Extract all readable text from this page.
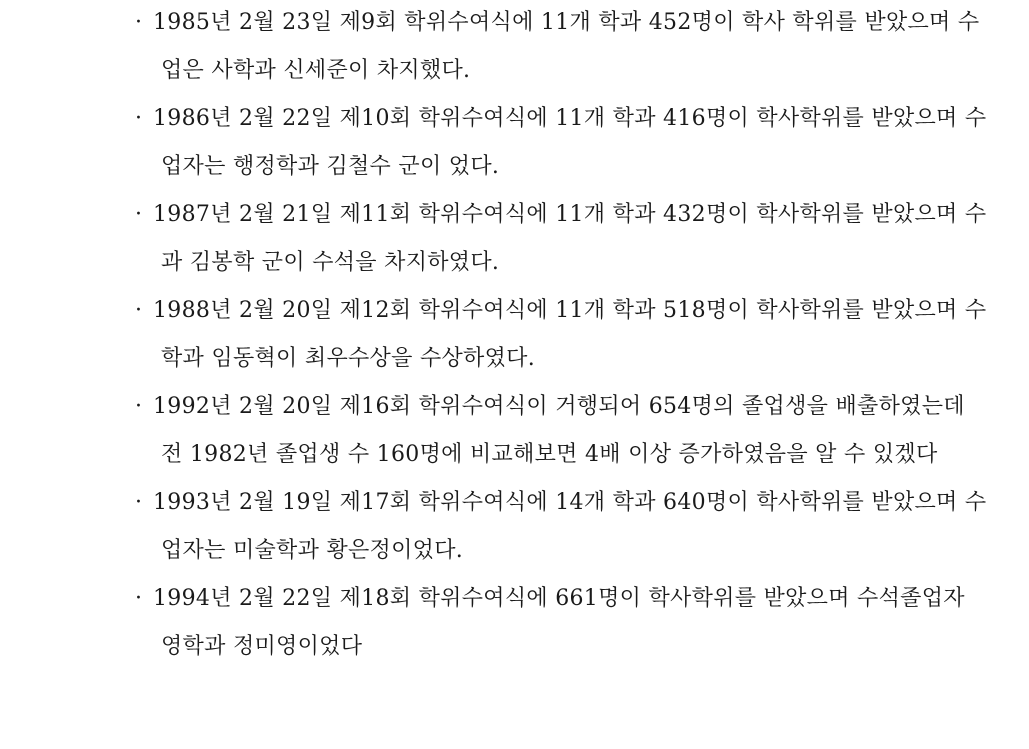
· 1985년 2월 23일 제9회 학위수여식에 11개 학과 452명이 학사 학위를 받았으며 수
업은 사학과 신세준이 차지했다.
· 1986년 2월 22일 제10회 학위수여식에 11개 학과 416명이 학사학위를 받았으며 수
업자는 행정학과 김철수 군이 었다.
· 1987년 2월 21일 제11회 학위수여식에 11개 학과 432명이 학사학위를 받았으며 수
과 김봉학 군이 수석을 차지하였다.
· 1988년 2월 20일 제12회 학위수여식에 11개 학과 518명이 학사학위를 받았으며 수
학과 임동혁이 최우수상을 수상하였다.
· 1992년 2월 20일 제16회 학위수여식이 거행되어 654명의 졸업생을 배출하였는데
전 1982년 졸업생 수 160명에 비교해보면 4배 이상 증가하였음을 알 수 있겠다
· 1993년 2월 19일 제17회 학위수여식에 14개 학과 640명이 학사학위를 받았으며 수
업자는 미술학과 황은정이었다.
· 1994년 2월 22일 제18회 학위수여식에 661명이 학사학위를 받았으며 수석졸업자
영학과 정미영이었다
